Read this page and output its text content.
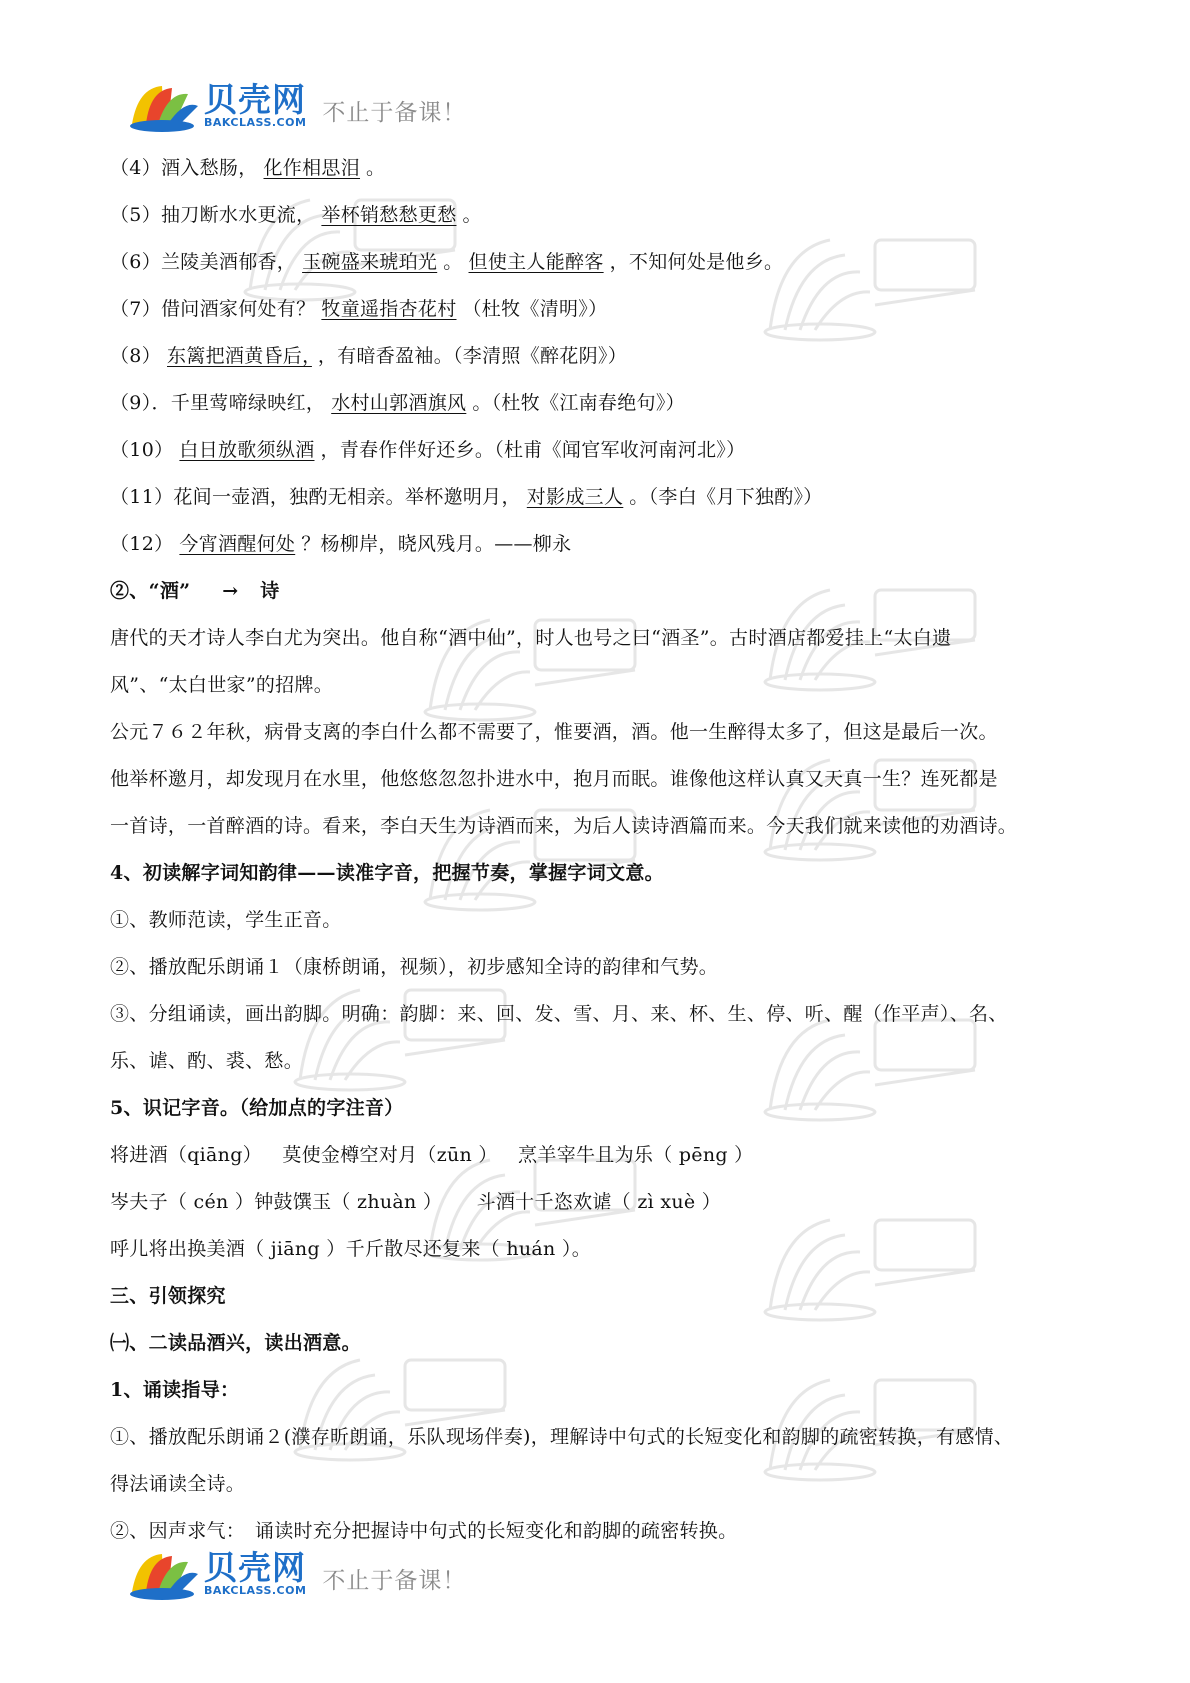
贝壳网
BAKCLASS.COM 不止于备课！
（4）酒入愁肠， 化作相思泪 。
（5）抽刀断水水更流， 举杯销愁愁更愁 。
（6）兰陵美酒郁香， 玉碗盛来琥珀光 。 但使主人能醉客 ，不知何处是他乡。
（7）借问酒家何处有？ 牧童遥指杏花村 （杜牧《清明》）
（8） 东篱把酒黄昏后， ，有暗香盈袖。（李清照《醉花阴》）
（9）．千里莺啼绿映红， 水村山郭酒旗风 。（杜牧《江南春绝句》）
（10） 白日放歌须纵酒 ，青春作伴好还乡。（杜甫《闻官军收河南河北》）
（11）花间一壶酒，独酌无相亲。举杯邀明月， 对影成三人 。（李白《月下独酌》）
（12） 今宵酒醒何处 ？杨柳岸，晓风残月。——柳永
②、“酒” → 诗
唐代的天才诗人李白尤为突出。他自称“酒中仙”，时人也号之曰“酒圣”。古时酒店都爱挂上“太白遗
风”、“太白世家”的招牌。
公元７６２年秋，病骨支离的李白什么都不需要了，惟要酒，酒。他一生醉得太多了，但这是最后一次。
他举杯邀月，却发现月在水里，他悠悠忽忽扑进水中，抱月而眠。谁像他这样认真又天真一生？连死都是
一首诗，一首醉酒的诗。看来，李白天生为诗酒而来，为后人读诗酒篇而来。今天我们就来读他的劝酒诗。
4、初读解字词知韵律——读准字音，把握节奏，掌握字词文意。
①、教师范读，学生正音。
②、播放配乐朗诵１（康桥朗诵，视频），初步感知全诗的韵律和气势。
③、分组诵读，画出韵脚。明确：韵脚：来、回、发、雪、月、来、杯、生、停、听、醒（作平声）、名、
乐、谑、酌、裘、愁。
5、识记字音。（给加点的字注音）
将进酒（qiāng） 莫使金樽空对月（zūn ） 烹羊宰牛且为乐（ pēng ）
岑夫子（ cén ）钟鼓馔玉（ zhuàn ） 斗酒十千恣欢谑（ zì xuè ）
呼儿将出换美酒（ jiāng ）千斤散尽还复来（ huán ）。
三、引领探究
㈠、二读品酒兴，读出酒意。
1、诵读指导：
①、播放配乐朗诵２(濮存昕朗诵，乐队现场伴奏)，理解诗中句式的长短变化和韵脚的疏密转换，有感情、
得法诵读全诗。
②、因声求气：　诵读时充分把握诗中句式的长短变化和韵脚的疏密转换。
贝壳网
BAKCLASS.COM 不止于备课！
